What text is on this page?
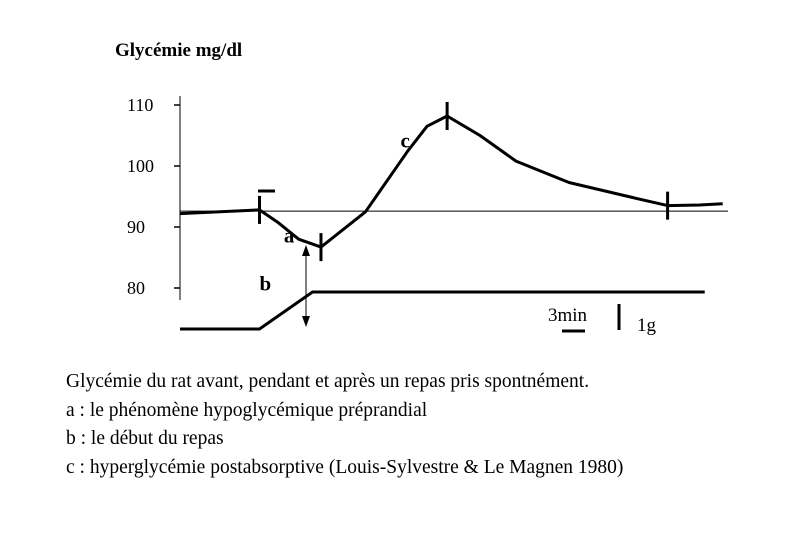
Glycémie mg/dl
110
100
90
80
a
b
c
3min	1g
Glycémie du rat avant, pendant et après un repas pris spontnément.
a : le phénomène hypoglycémique préprandial
b : le début du repas
c : hyperglycémie postabsorptive (Louis-Sylvestre & Le Magnen 1980)
